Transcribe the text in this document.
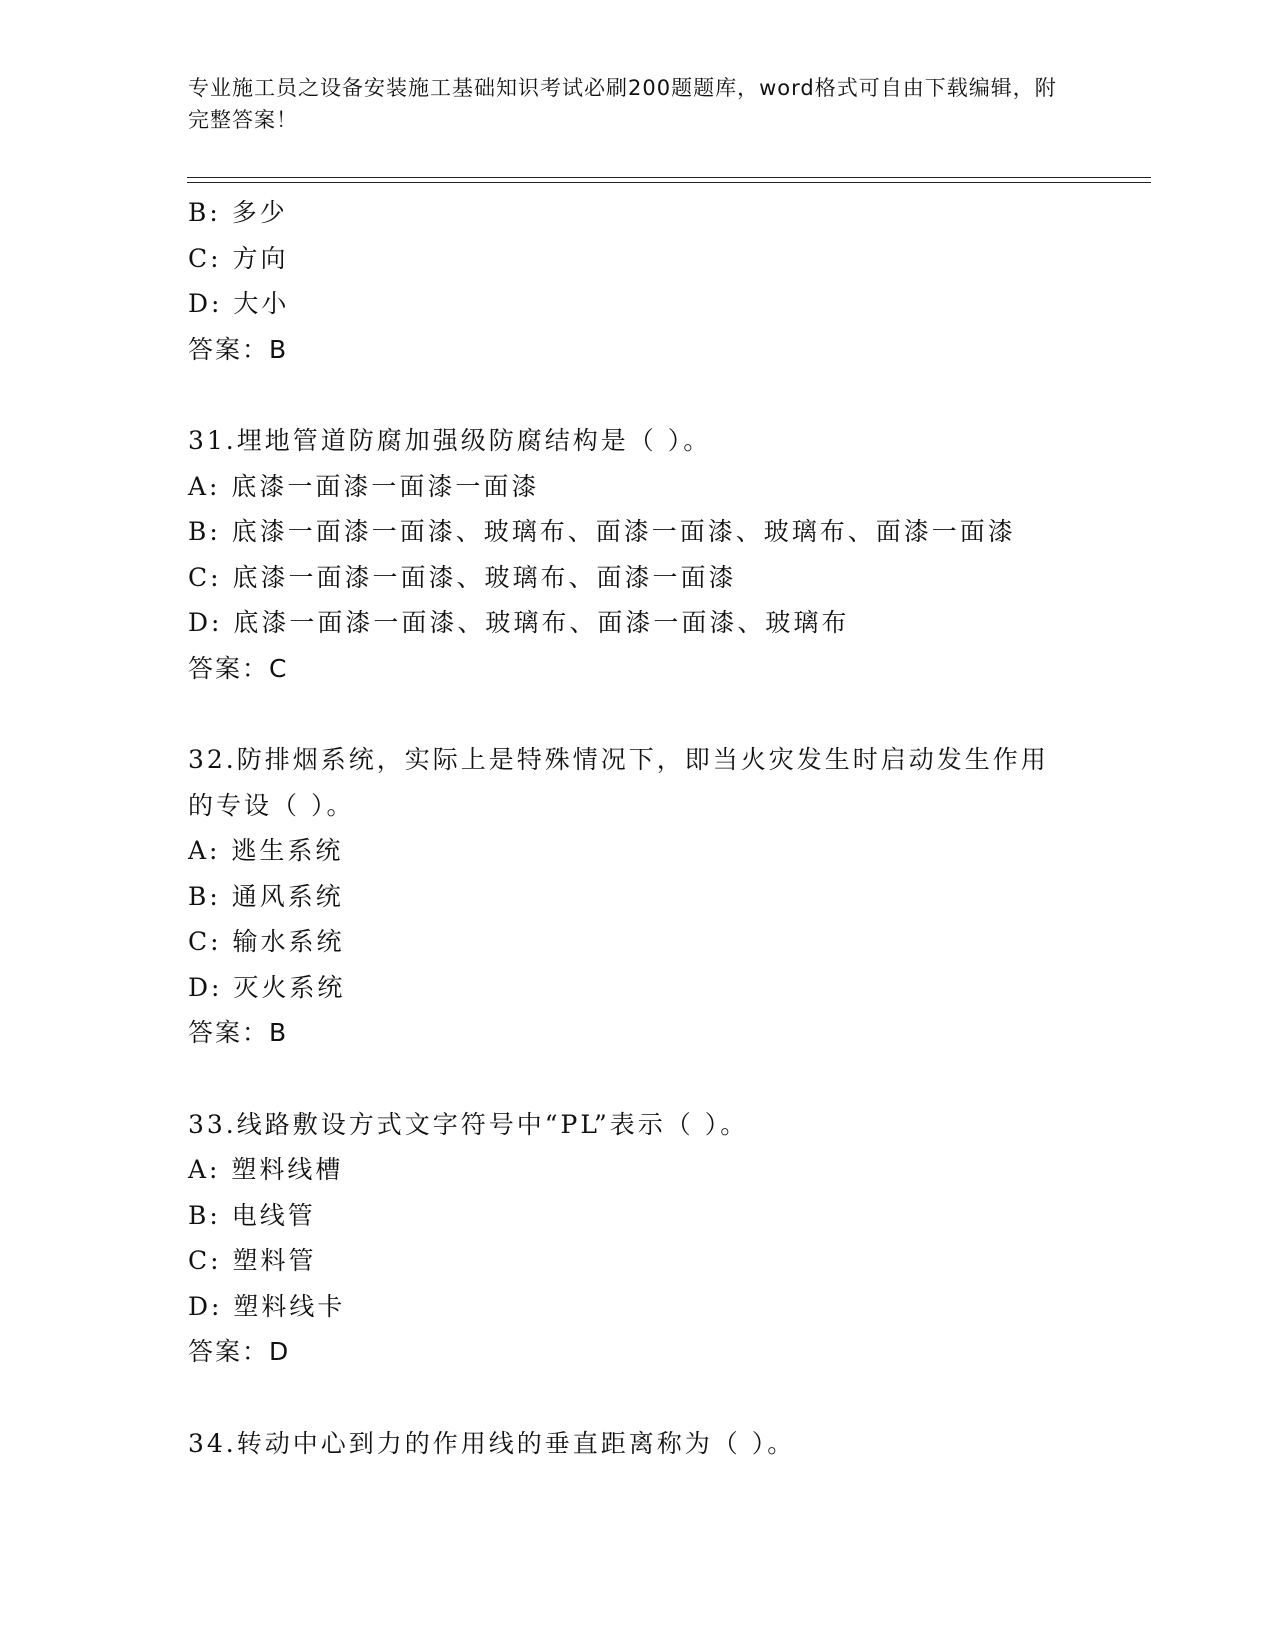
专业施工员之设备安装施工基础知识考试必刷200题题库，word格式可自由下载编辑，附完整答案！
B: 多少
C: 方向
D: 大小
答案：B
31.埋地管道防腐加强级防腐结构是（ ）。
A: 底漆一面漆一面漆一面漆
B: 底漆一面漆一面漆、玻璃布、面漆一面漆、玻璃布、面漆一面漆
C: 底漆一面漆一面漆、玻璃布、面漆一面漆
D: 底漆一面漆一面漆、玻璃布、面漆一面漆、玻璃布
答案：C
32.防排烟系统，实际上是特殊情况下，即当火灾发生时启动发生作用的专设（ ）。
A: 逃生系统
B: 通风系统
C: 输水系统
D: 灭火系统
答案：B
33.线路敷设方式文字符号中“PL”表示（ ）。
A: 塑料线槽
B: 电线管
C: 塑料管
D: 塑料线卡
答案：D
34.转动中心到力的作用线的垂直距离称为（ ）。
